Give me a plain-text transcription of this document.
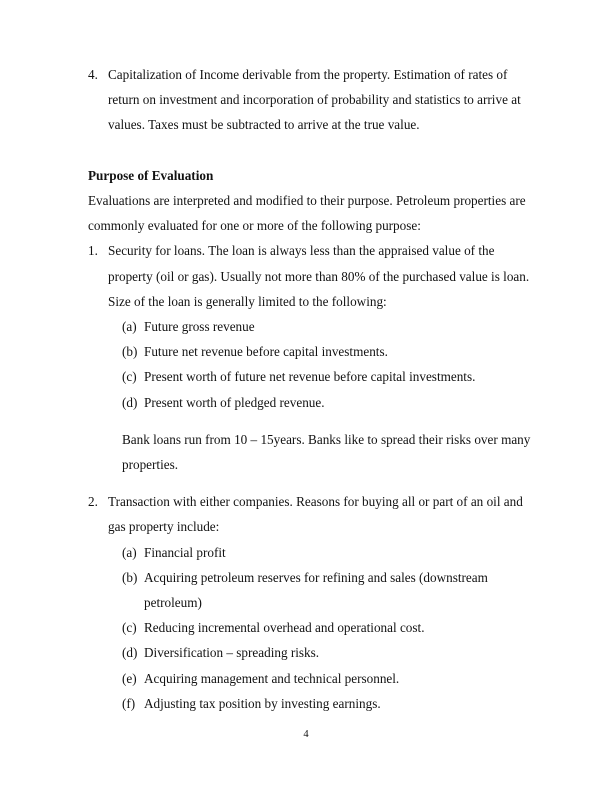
4. Capitalization of Income derivable from the property. Estimation of rates of return on investment and incorporation of probability and statistics to arrive at values. Taxes must be subtracted to arrive at the true value.
Purpose of Evaluation
Evaluations are interpreted and modified to their purpose. Petroleum properties are commonly evaluated for one or more of the following purpose:
1. Security for loans. The loan is always less than the appraised value of the property (oil or gas). Usually not more than 80% of the purchased value is loan. Size of the loan is generally limited to the following:
(a) Future gross revenue
(b) Future net revenue before capital investments.
(c) Present worth of future net revenue before capital investments.
(d) Present worth of pledged revenue.
Bank loans run from 10 – 15years. Banks like to spread their risks over many properties.
2. Transaction with either companies. Reasons for buying all or part of an oil and gas property include:
(a) Financial profit
(b) Acquiring petroleum reserves for refining and sales (downstream petroleum)
(c) Reducing incremental overhead and operational cost.
(d) Diversification – spreading risks.
(e) Acquiring management and technical personnel.
(f) Adjusting tax position by investing earnings.
4
